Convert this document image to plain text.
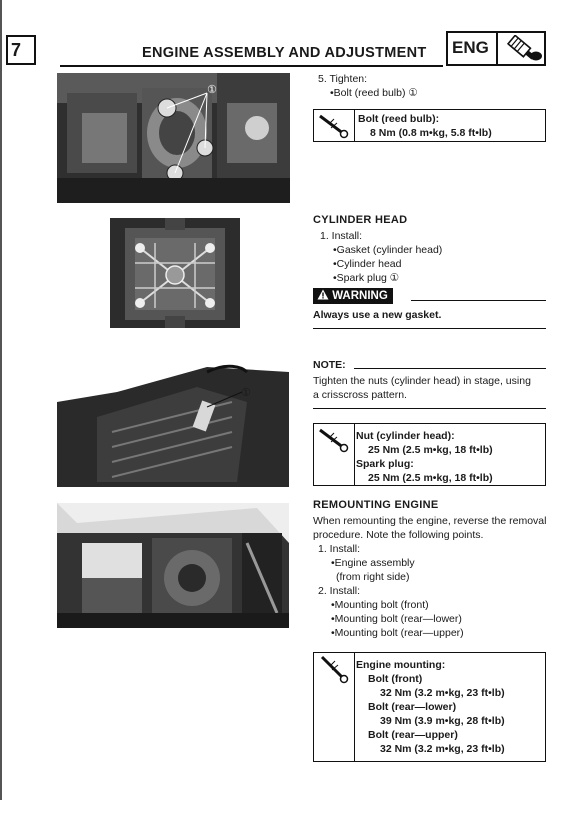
7	ENGINE ASSEMBLY AND ADJUSTMENT ENG
①
①
5. Tighten:
•Bolt (reed bulb) ①
Bolt (reed bulb):
8 Nm (0.8 m•kg, 5.8 ft•lb)
CYLINDER HEAD
1. Install:
•Gasket (cylinder head)
•Cylinder head
•Spark plug ①
WARNING
Always use a new gasket.
NOTE:
Tighten the nuts (cylinder head) in stage, using
a crisscross pattern.
Nut (cylinder head):
25 Nm (2.5 m•kg, 18 ft•lb)
Spark plug:
25 Nm (2.5 m•kg, 18 ft•lb)
REMOUNTING ENGINE
When remounting the engine, reverse the removal
procedure. Note the following points.
1. Install:
•Engine assembly
(from right side)
2. Install:
•Mounting bolt (front)
•Mounting bolt (rear—lower)
•Mounting bolt (rear—upper)
Engine mounting:
Bolt (front)
32 Nm (3.2 m•kg, 23 ft•lb)
Bolt (rear—lower)
39 Nm (3.9 m•kg, 28 ft•lb)
Bolt (rear—upper)
32 Nm (3.2 m•kg, 23 ft•lb)
